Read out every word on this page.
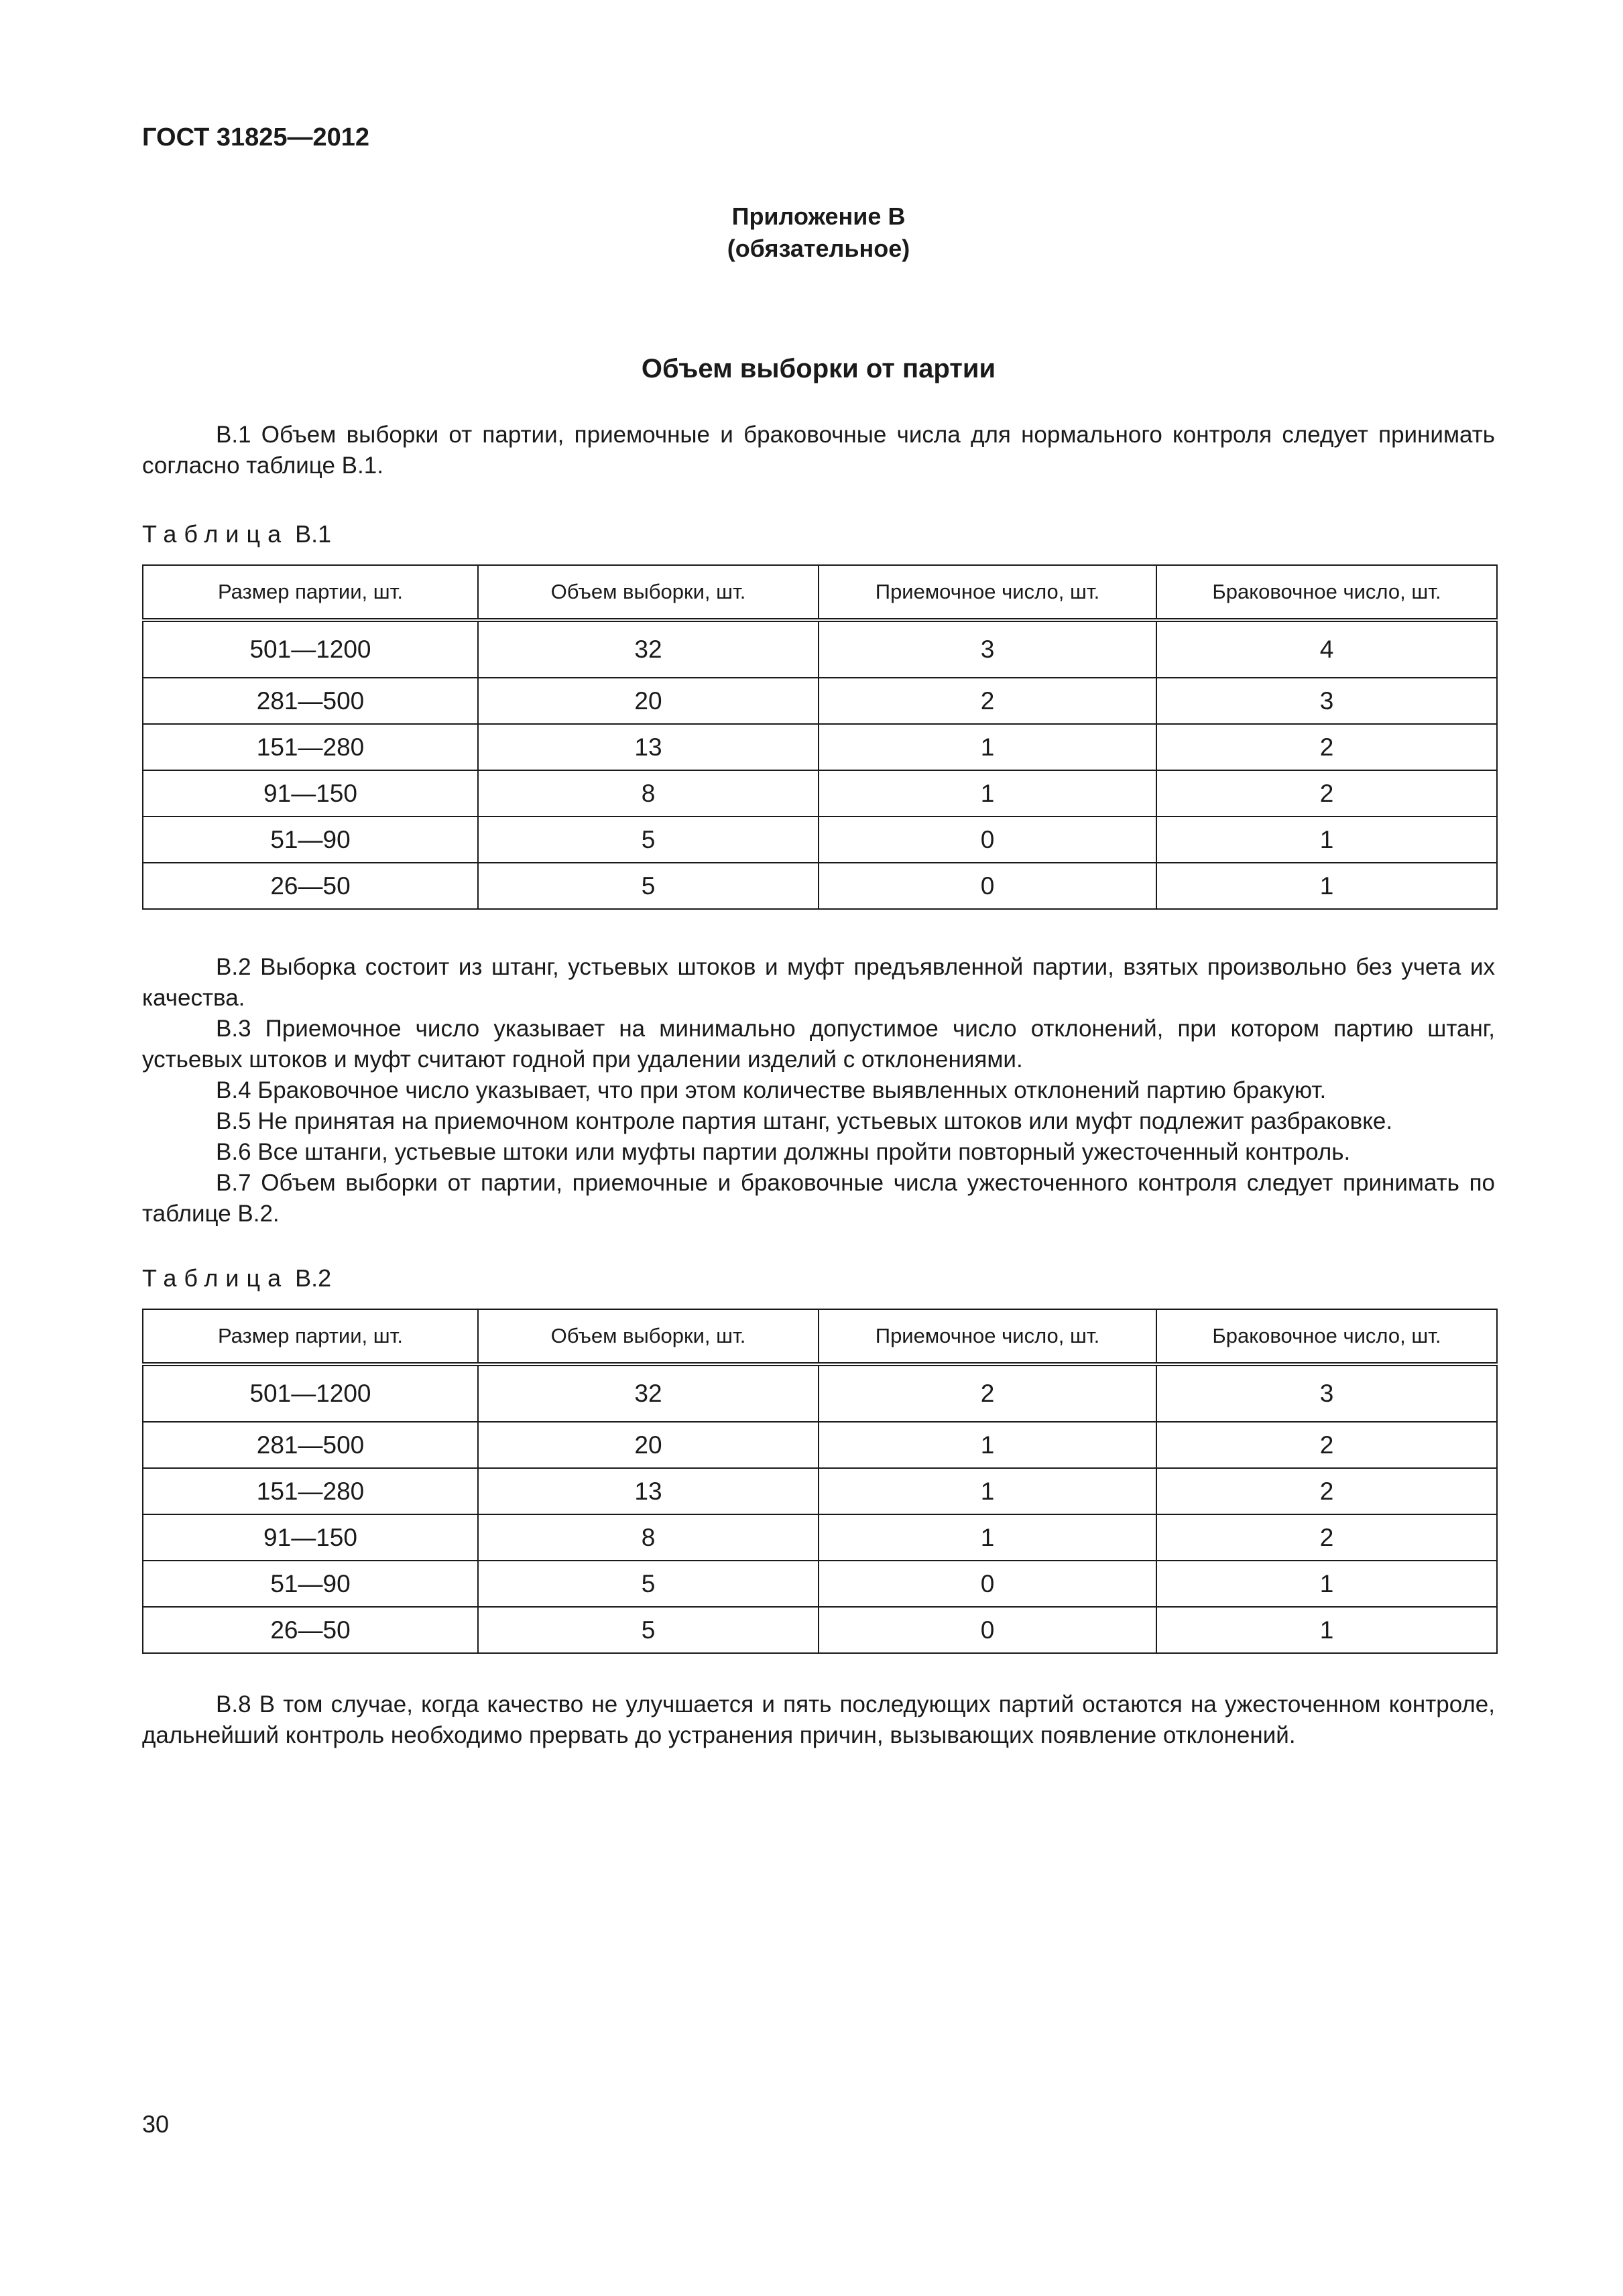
ГОСТ 31825—2012
Приложение В
(обязательное)
Объем выборки от партии

В.1 Объем выборки от партии, приемочные и браковочные числа для нормального контроля следует принимать согласно таблице В.1.

Таблица В.1
Размер партии, шт.	Объем выборки, шт.	Приемочное число, шт.	Браковочное число, шт.
501—1200	32	3	4
281—500	20	2	3
151—280	13	1	2
91—150	8	1	2
51—90	5	0	1
26—50	5	0	1

В.2 Выборка состоит из штанг, устьевых штоков и муфт предъявленной партии, взятых произвольно без учета их качества.

В.3 Приемочное число указывает на минимально допустимое число отклонений, при котором партию штанг, устьевых штоков и муфт считают годной при удалении изделий с отклонениями.

В.4 Браковочное число указывает, что при этом количестве выявленных отклонений партию бракуют.

В.5 Не принятая на приемочном контроле партия штанг, устьевых штоков или муфт подлежит разбраковке.

В.6 Все штанги, устьевые штоки или муфты партии должны пройти повторный ужесточенный контроль.

В.7 Объем выборки от партии, приемочные и браковочные числа ужесточенного контроля следует принимать по таблице В.2.

Таблица В.2
Размер партии, шт.	Объем выборки, шт.	Приемочное число, шт.	Браковочное число, шт.
501—1200	32	2	3
281—500	20	1	2
151—280	13	1	2
91—150	8	1	2
51—90	5	0	1
26—50	5	0	1

В.8 В том случае, когда качество не улучшается и пять последующих партий остаются на ужесточенном контроле, дальнейший контроль необходимо прервать до устранения причин, вызывающих появление отклонений.

30
